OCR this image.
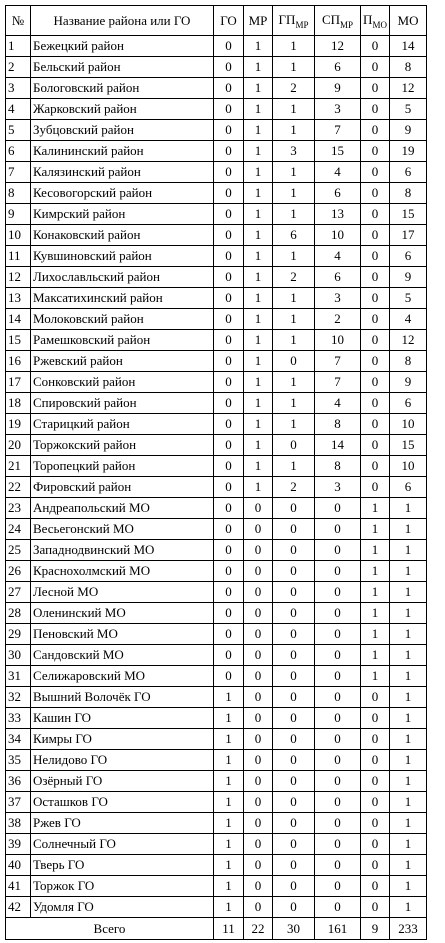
№	Название района или ГО	ГО	МР	$ГП_{МР}$	$СП_{МР}$	$П_{МО}$	МО
1	Бежецкий район	0	1	1	12	0	14
2	Бельский район	0	1	1	6	0	8
3	Бологовский район	0	1	2	9	0	12
4	Жарковский район	0	1	1	3	0	5
5	Зубцовский район	0	1	1	7	0	9
6	Калининский район	0	1	3	15	0	19
7	Калязинский район	0	1	1	4	0	6
8	Кесовогорский район	0	1	1	6	0	8
9	Кимрский район	0	1	1	13	0	15
10	Конаковский район	0	1	6	10	0	17
11	Кувшиновский район	0	1	1	4	0	6
12	Лихославльский район	0	1	2	6	0	9
13	Максатихинский район	0	1	1	3	0	5
14	Молоковский район	0	1	1	2	0	4
15	Рамешковский район	0	1	1	10	0	12
16	Ржевский район	0	1	0	7	0	8
17	Сонковский район	0	1	1	7	0	9
18	Спировский район	0	1	1	4	0	6
19	Старицкий район	0	1	1	8	0	10
20	Торжокский район	0	1	0	14	0	15
21	Торопецкий район	0	1	1	8	0	10
22	Фировский район	0	1	2	3	0	6
23	Андреапольский МО	0	0	0	0	1	1
24	Весьегонский МО	0	0	0	0	1	1
25	Западнодвинский МО	0	0	0	0	1	1
26	Краснохолмский МО	0	0	0	0	1	1
27	Лесной МО	0	0	0	0	1	1
28	Оленинский МО	0	0	0	0	1	1
29	Пеновский МО	0	0	0	0	1	1
30	Сандовский МО	0	0	0	0	1	1
31	Селижаровский МО	0	0	0	0	1	1
32	Вышний Волочёк ГО	1	0	0	0	0	1
33	Кашин ГО	1	0	0	0	0	1
34	Кимры ГО	1	0	0	0	0	1
35	Нелидово ГО	1	0	0	0	0	1
36	Озёрный ГО	1	0	0	0	0	1
37	Осташков ГО	1	0	0	0	0	1
38	Ржев ГО	1	0	0	0	0	1
39	Солнечный ГО	1	0	0	0	0	1
40	Тверь ГО	1	0	0	0	0	1
41	Торжок ГО	1	0	0	0	0	1
42	Удомля ГО	1	0	0	0	0	1
Всего		11	22	30	161	9	233
